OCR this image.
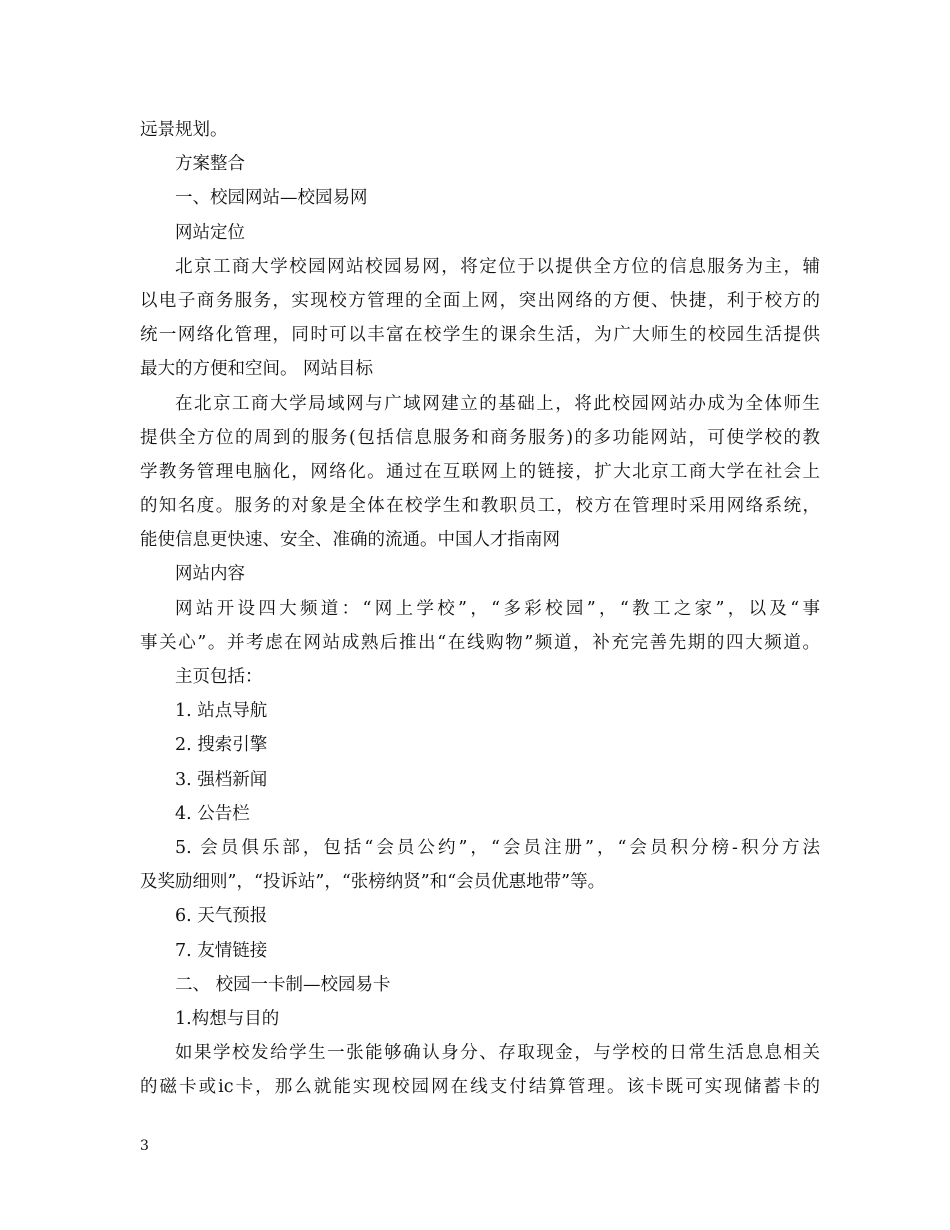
远景规划。
方案整合
一、校园网站—校园易网
网站定位
北京工商大学校园网站校园易网，将定位于以提供全方位的信息服务为主，辅
以电子商务服务，实现校方管理的全面上网，突出网络的方便、快捷，利于校方的
统一网络化管理，同时可以丰富在校学生的课余生活，为广大师生的校园生活提供
最大的方便和空间。 网站目标
在北京工商大学局域网与广域网建立的基础上，将此校园网站办成为全体师生
提供全方位的周到的服务(包括信息服务和商务服务)的多功能网站，可使学校的教
学教务管理电脑化，网络化。通过在互联网上的链接，扩大北京工商大学在社会上
的知名度。服务的对象是全体在校学生和教职员工，校方在管理时采用网络系统，
能使信息更快速、安全、准确的流通。中国人才指南网
网站内容
网站开设四大频道：“网上学校”，“多彩校园”，“教工之家”，以及“事
事关心”。并考虑在网站成熟后推出“在线购物”频道，补充完善先期的四大频道。
主页包括：
1. 站点导航
2. 搜索引擎
3. 强档新闻
4. 公告栏
5. 会员俱乐部，包括“会员公约”，“会员注册”，“会员积分榜-积分方法
及奖励细则”，“投诉站”，“张榜纳贤”和“会员优惠地带”等。
6. 天气预报
7. 友情链接
二、 校园一卡制—校园易卡
1.构想与目的
如果学校发给学生一张能够确认身分、存取现金，与学校的日常生活息息相关
的磁卡或ic卡，那么就能实现校园网在线支付结算管理。该卡既可实现储蓄卡的
3
